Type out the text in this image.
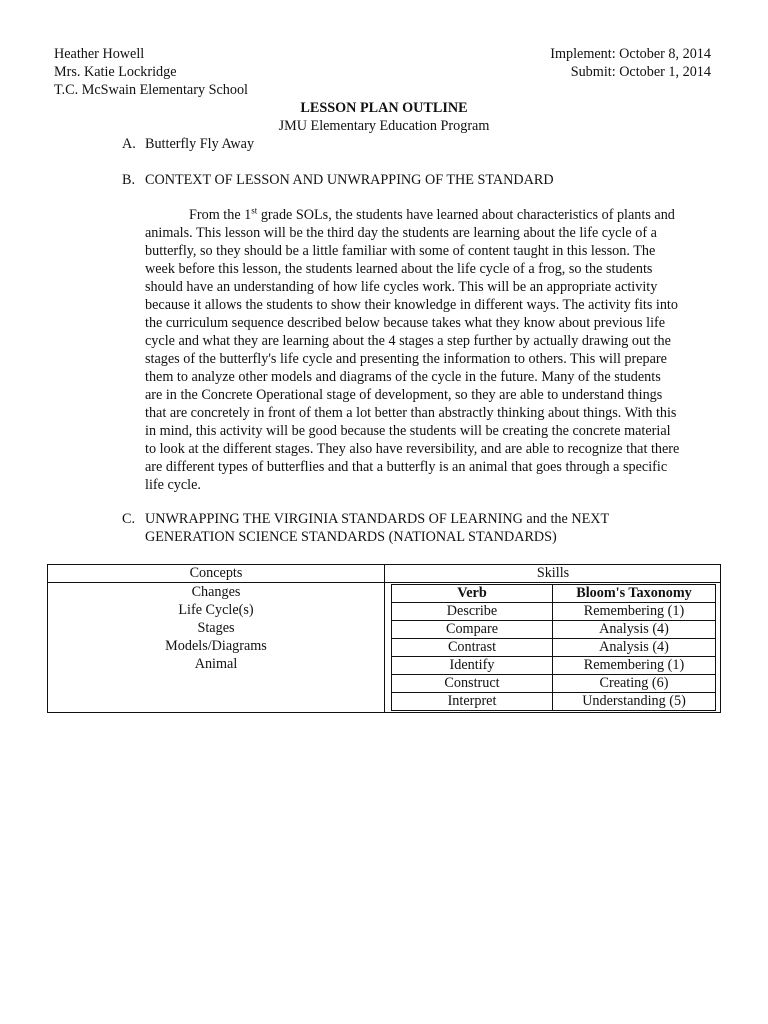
Heather Howell
Mrs. Katie Lockridge
T.C. McSwain Elementary School
Implement: October 8, 2014
Submit: October 1, 2014
LESSON PLAN OUTLINE
JMU Elementary Education Program
A. Butterfly Fly Away
B. CONTEXT OF LESSON AND UNWRAPPING OF THE STANDARD
From the 1st grade SOLs, the students have learned about characteristics of plants and
animals. This lesson will be the third day the students are learning about the life cycle of a
butterfly, so they should be a little familiar with some of content taught in this lesson. The
week before this lesson, the students learned about the life cycle of a frog, so the students
should have an understanding of how life cycles work. This will be an appropriate activity
because it allows the students to show their knowledge in different ways. The activity fits into
the curriculum sequence described below because takes what they know about previous life
cycle and what they are learning about the 4 stages a step further by actually drawing out the
stages of the butterfly's life cycle and presenting the information to others. This will prepare
them to analyze other models and diagrams of the cycle in the future. Many of the students
are in the Concrete Operational stage of development, so they are able to understand things
that are concretely in front of them a lot better than abstractly thinking about things. With this
in mind, this activity will be good because the students will be creating the concrete material
to look at the different stages. They also have reversibility, and are able to recognize that there
are different types of butterflies and that a butterfly is an animal that goes through a specific
life cycle.
C. UNWRAPPING THE VIRGINIA STANDARDS OF LEARNING and the NEXT
GENERATION SCIENCE STANDARDS (NATIONAL STANDARDS)
Concepts	Skills
Changes
Life Cycle(s)
Stages
Models/Diagrams
Animal
Verb	Bloom's Taxonomy
Describe	Remembering (1)
Compare	Analysis (4)
Contrast	Analysis (4)
Identify	Remembering (1)
Construct	Creating (6)
Interpret	Understanding (5)
